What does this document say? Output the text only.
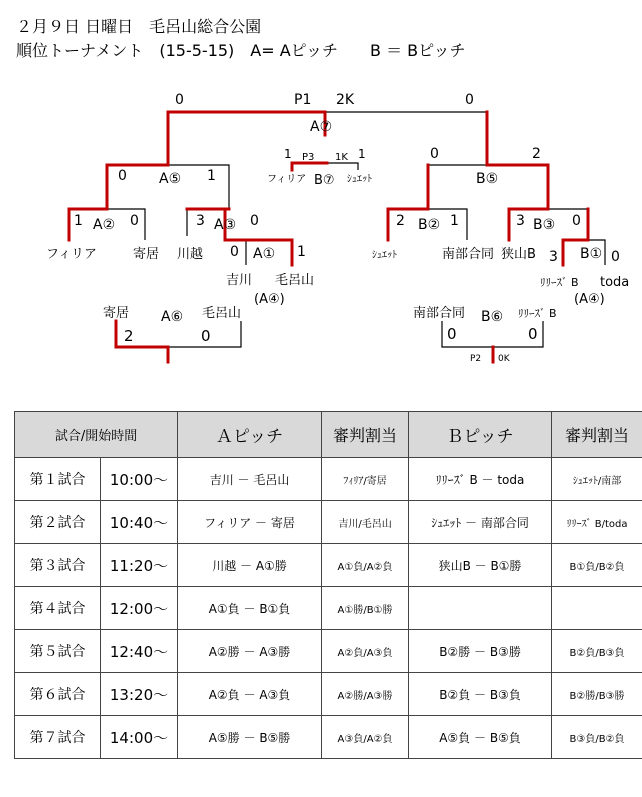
２月９日 日曜日　毛呂山総合公園
順位トーナメント　(15-5-15)　A= Aピッチ　　B ＝ Bピッチ
0	P1 2K	0
A⑦
1 P3 1K 1
フィリア B⑦ ｼｭｴｯﾄ
0 A⑤ 1
0
B⑤
2
1 A② 0
フィリア	寄居
3 A③ 0
川越 0 A① 1
吉川 毛呂山
(A④)
2 B② 1
ｼｭｴｯﾄ	南部合同
3 B③ 0
狭山B 3 B① 0
ﾘﾘｰｽﾞ B toda
(A④)
寄居 A⑥ 毛呂山
2	0
南部合同 B⑥ ﾘﾘｰｽﾞ B
0	0
P2 0K
試合/開始時間		Ａピッチ	審判割当	Ｂピッチ	審判割当
第１試合	10:00～	吉川 － 毛呂山	ﾌｨﾘｱ/寄居	ﾘﾘｰｽﾞ B － toda	ｼｭｴｯﾄ/南部
第２試合	10:40～	フィリア － 寄居	吉川/毛呂山	ｼｭｴｯﾄ － 南部合同	ﾘﾘｰｽﾞ B/toda
第３試合	11:20～	川越 － A①勝	A①負/A②負	狭山B － B①勝	B①負/B②負
第４試合	12:00～	A①負 － B①負	A①勝/B①勝		
第５試合	12:40～	A②勝 － A③勝	A②負/A③負	B②勝 － B③勝	B②負/B③負
第６試合	13:20～	A②負 － A③負	A②勝/A③勝	B②負 － B③負	B②勝/B③勝
第７試合	14:00～	A⑤勝 － B⑤勝	A③負/A②負	A⑤負 － B⑤負	B③負/B②負
